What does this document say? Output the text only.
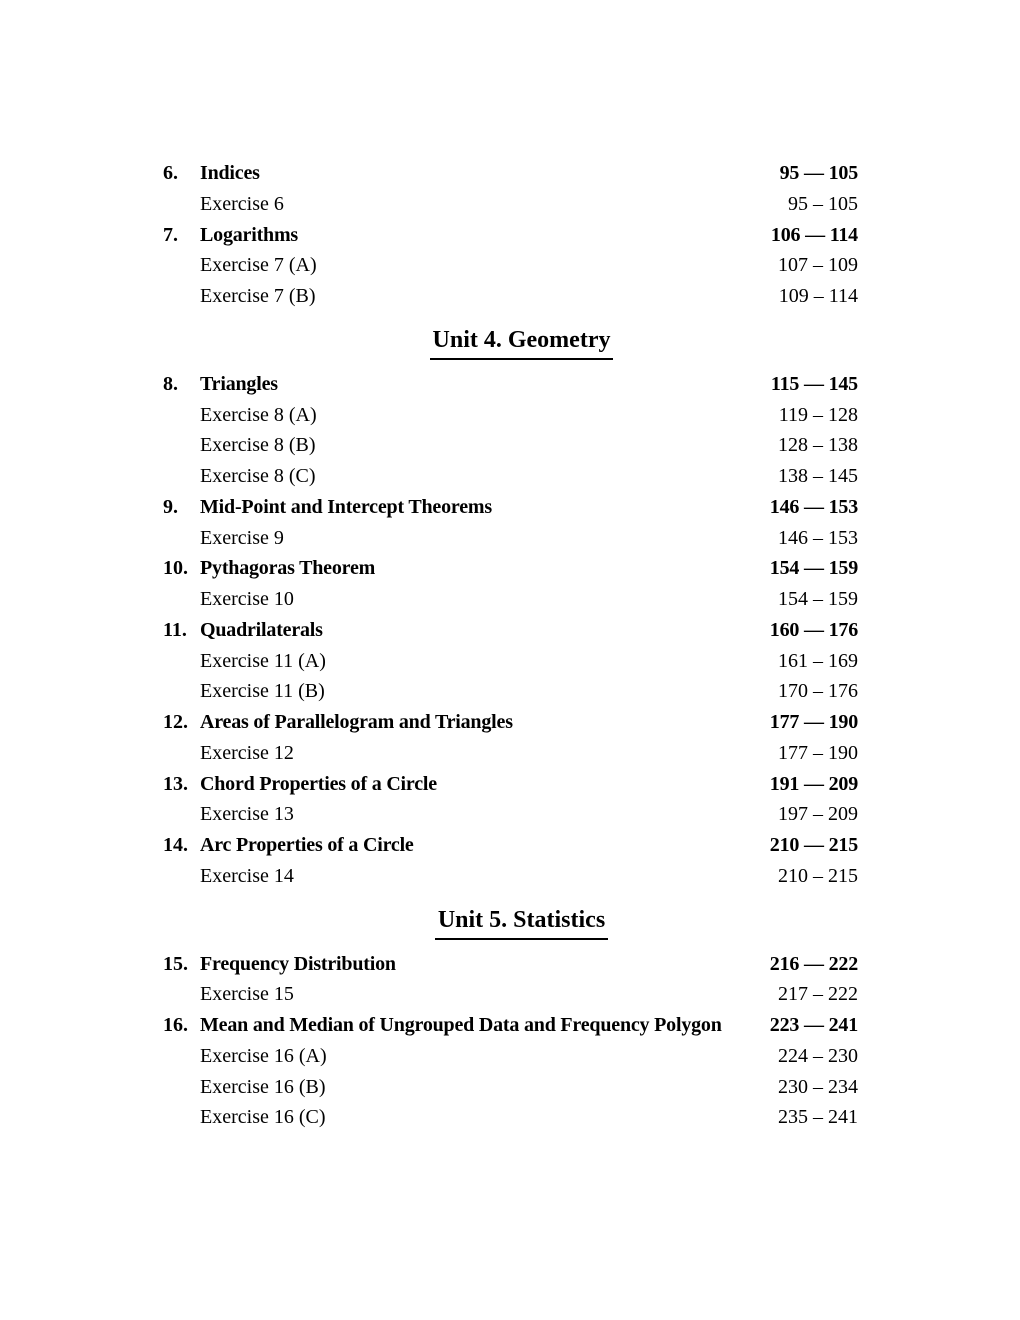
6.	Indices	95 — 105
Exercise 6	95 – 105
7.	Logarithms	106 — 114
Exercise 7 (A)	107 – 109
Exercise 7 (B)	109 – 114
Unit 4. Geometry
8.	Triangles	115 — 145
Exercise 8 (A)	119 – 128
Exercise 8 (B)	128 – 138
Exercise 8 (C)	138 – 145
9.	Mid-Point and Intercept Theorems	146 — 153
Exercise 9	146 – 153
10. Pythagoras Theorem	154 — 159
Exercise 10	154 – 159
11. Quadrilaterals	160 — 176
Exercise 11 (A)	161 – 169
Exercise 11 (B)	170 – 176
12. Areas of Parallelogram and Triangles	177 — 190
Exercise 12	177 – 190
13. Chord Properties of a Circle	191 — 209
Exercise 13	197 – 209
14. Arc Properties of a Circle	210 — 215
Exercise 14	210 – 215
Unit 5. Statistics
15. Frequency Distribution	216 — 222
Exercise 15	217 – 222
16. Mean and Median of Ungrouped Data and Frequency Polygon	223 — 241
Exercise 16 (A)	224 – 230
Exercise 16 (B)	230 – 234
Exercise 16 (C)	235 – 241
